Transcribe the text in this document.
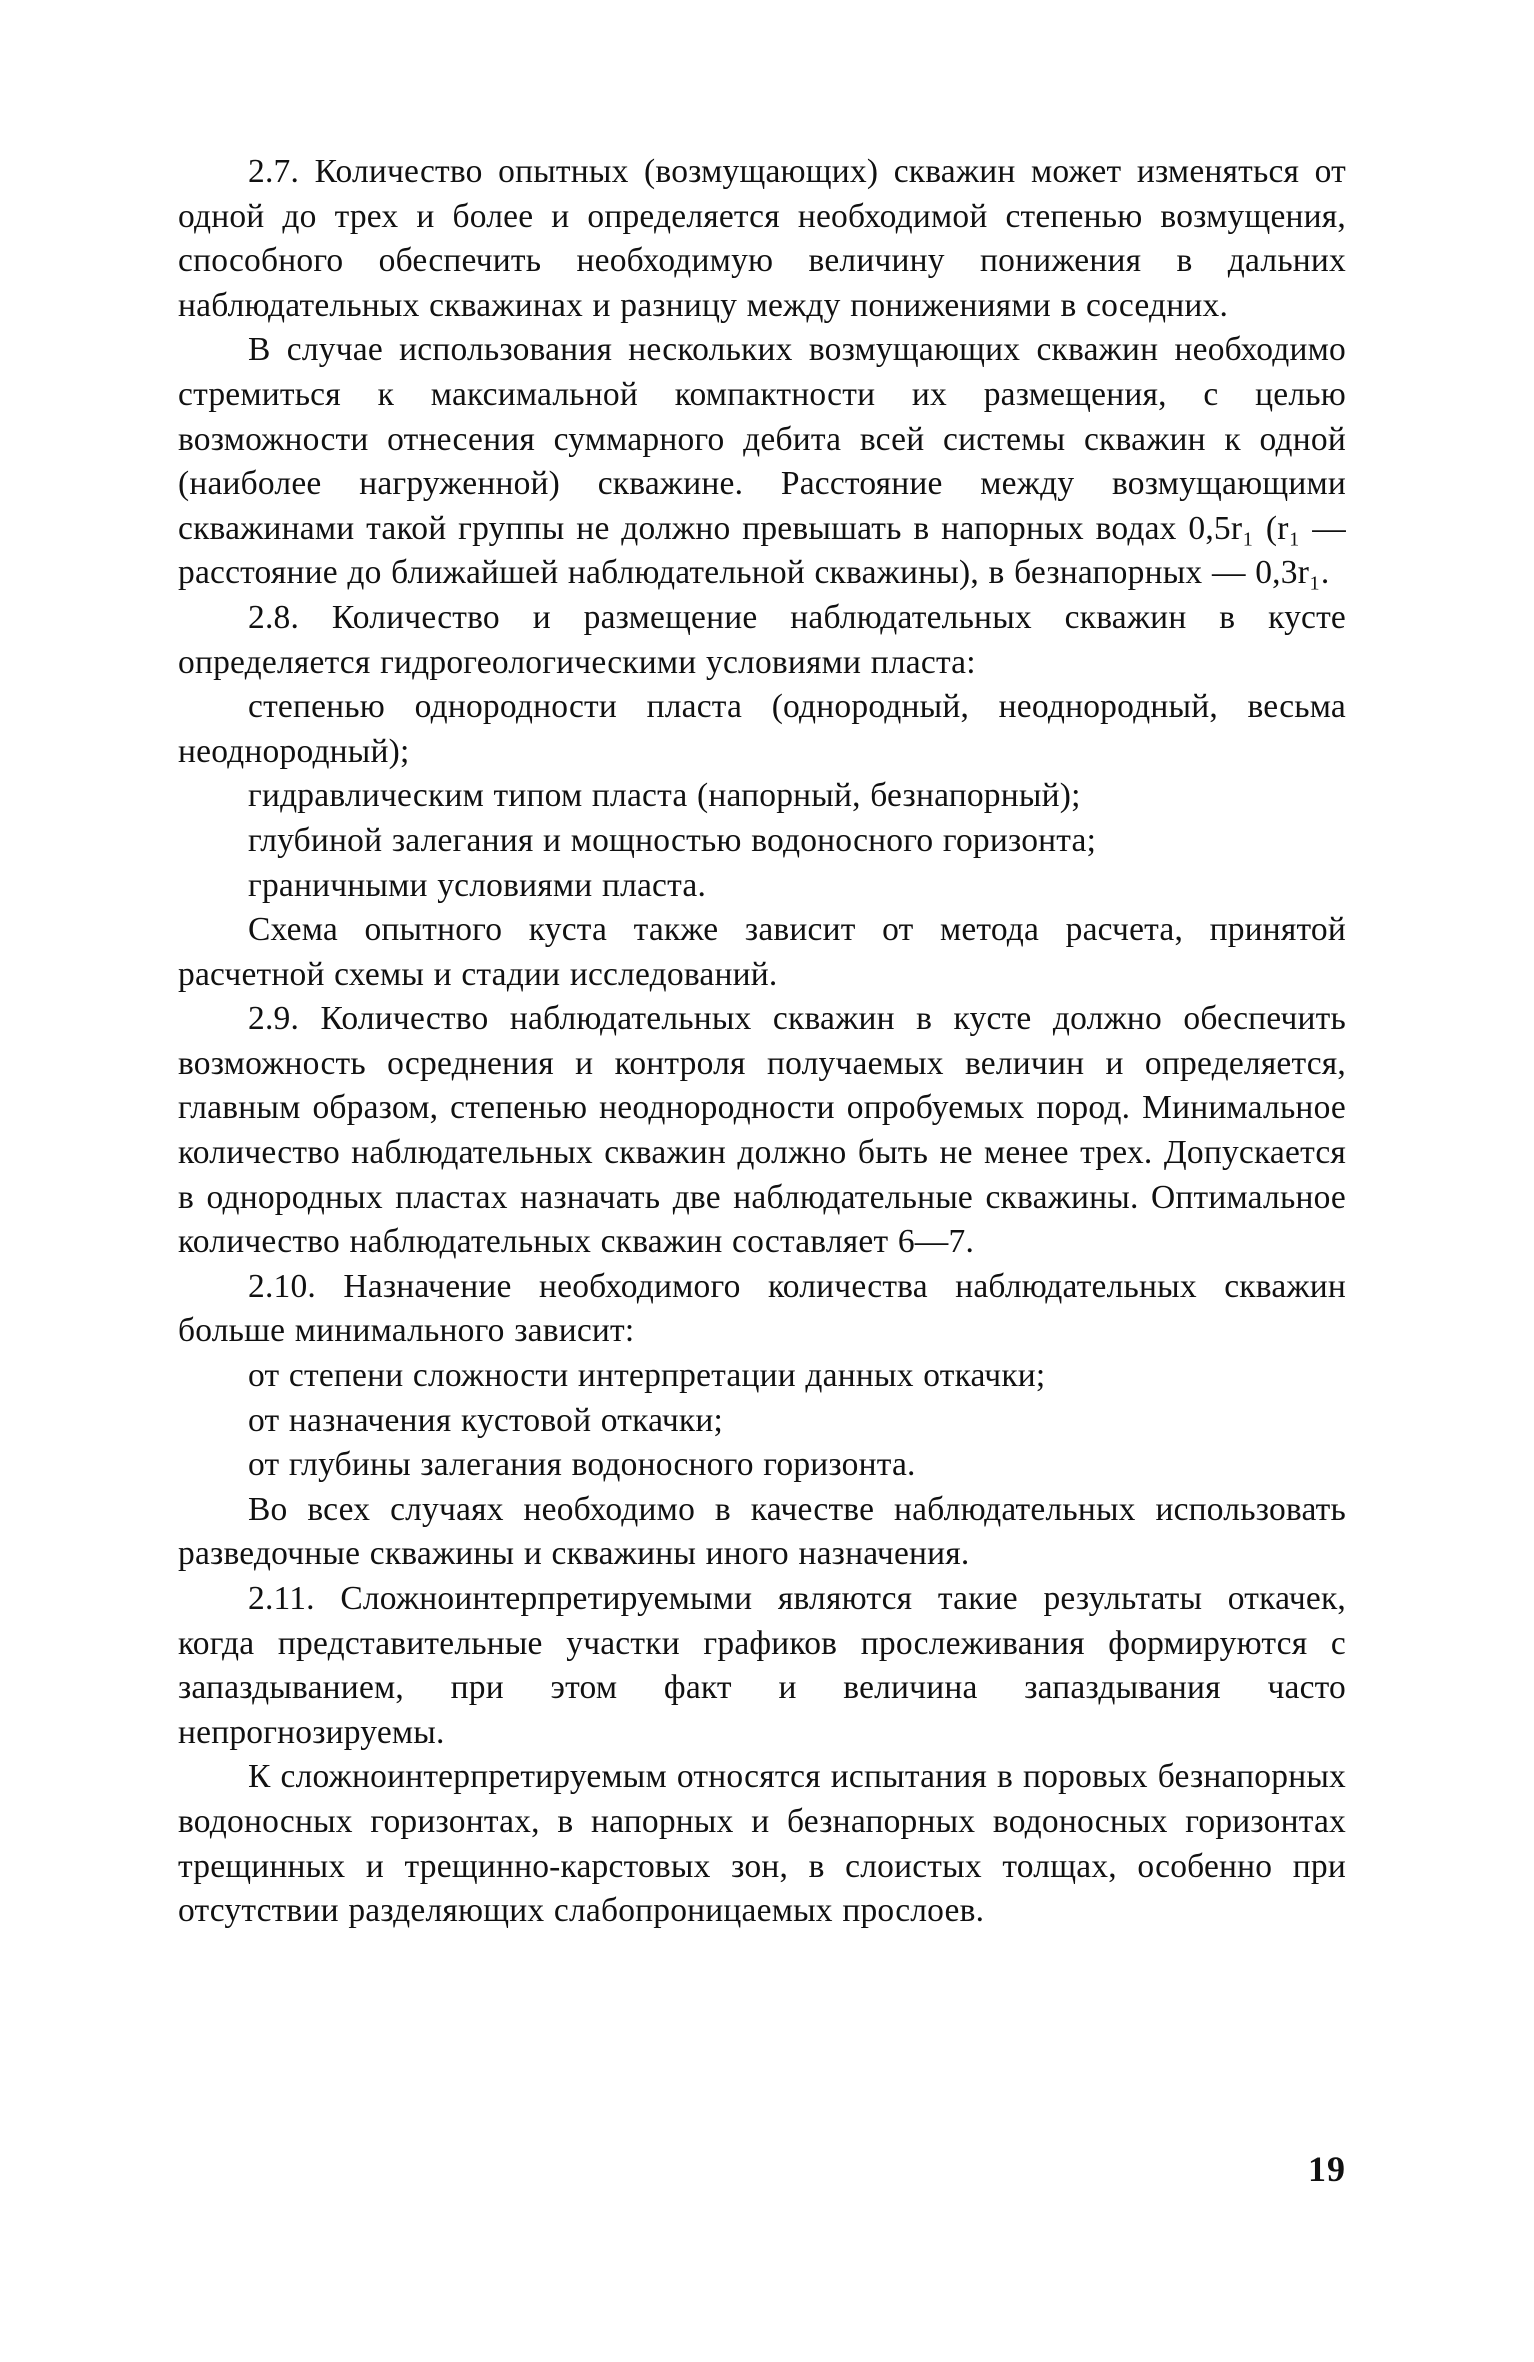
2.7. Количество опытных (возмущающих) скважин может изменяться от одной до трех и более и определяется необходимой степенью возмущения, способного обеспечить необходимую величину понижения в дальних наблюдательных скважинах и разницу между понижениями в соседних.

В случае использования нескольких возмущающих скважин необходимо стремиться к максимальной компактности их размещения, с целью возможности отнесения суммарного дебита всей системы скважин к одной (наиболее нагруженной) скважине. Расстояние между возмущающими скважинами такой группы не должно превышать в напорных водах 0,5r₁ (r₁ — расстояние до ближайшей наблюдательной скважины), в безнапорных — 0,3r₁.

2.8. Количество и размещение наблюдательных скважин в кусте определяется гидрогеологическими условиями пласта:

степенью однородности пласта (однородный, неоднородный, весьма неоднородный);

гидравлическим типом пласта (напорный, безнапорный);

глубиной залегания и мощностью водоносного горизонта;

граничными условиями пласта.

Схема опытного куста также зависит от метода расчета, принятой расчетной схемы и стадии исследований.

2.9. Количество наблюдательных скважин в кусте должно обеспечить возможность осреднения и контроля получаемых величин и определяется, главным образом, степенью неоднородности опробуемых пород. Минимальное количество наблюдательных скважин должно быть не менее трех. Допускается в однородных пластах назначать две наблюдательные скважины. Оптимальное количество наблюдательных скважин составляет 6—7.

2.10. Назначение необходимого количества наблюдательных скважин больше минимального зависит:

от степени сложности интерпретации данных откачки;

от назначения кустовой откачки;

от глубины залегания водоносного горизонта.

Во всех случаях необходимо в качестве наблюдательных использовать разведочные скважины и скважины иного назначения.

2.11. Сложноинтерпретируемыми являются такие результаты откачек, когда представительные участки графиков прослеживания формируются с запаздыванием, при этом факт и величина запаздывания часто непрогнозируемы.

К сложноинтерпретируемым относятся испытания в поровых безнапорных водоносных горизонтах, в напорных и безнапорных водоносных горизонтах трещинных и трещинно-карстовых зон, в слоистых толщах, особенно при отсутствии разделяющих слабопроницаемых прослоев.

19
